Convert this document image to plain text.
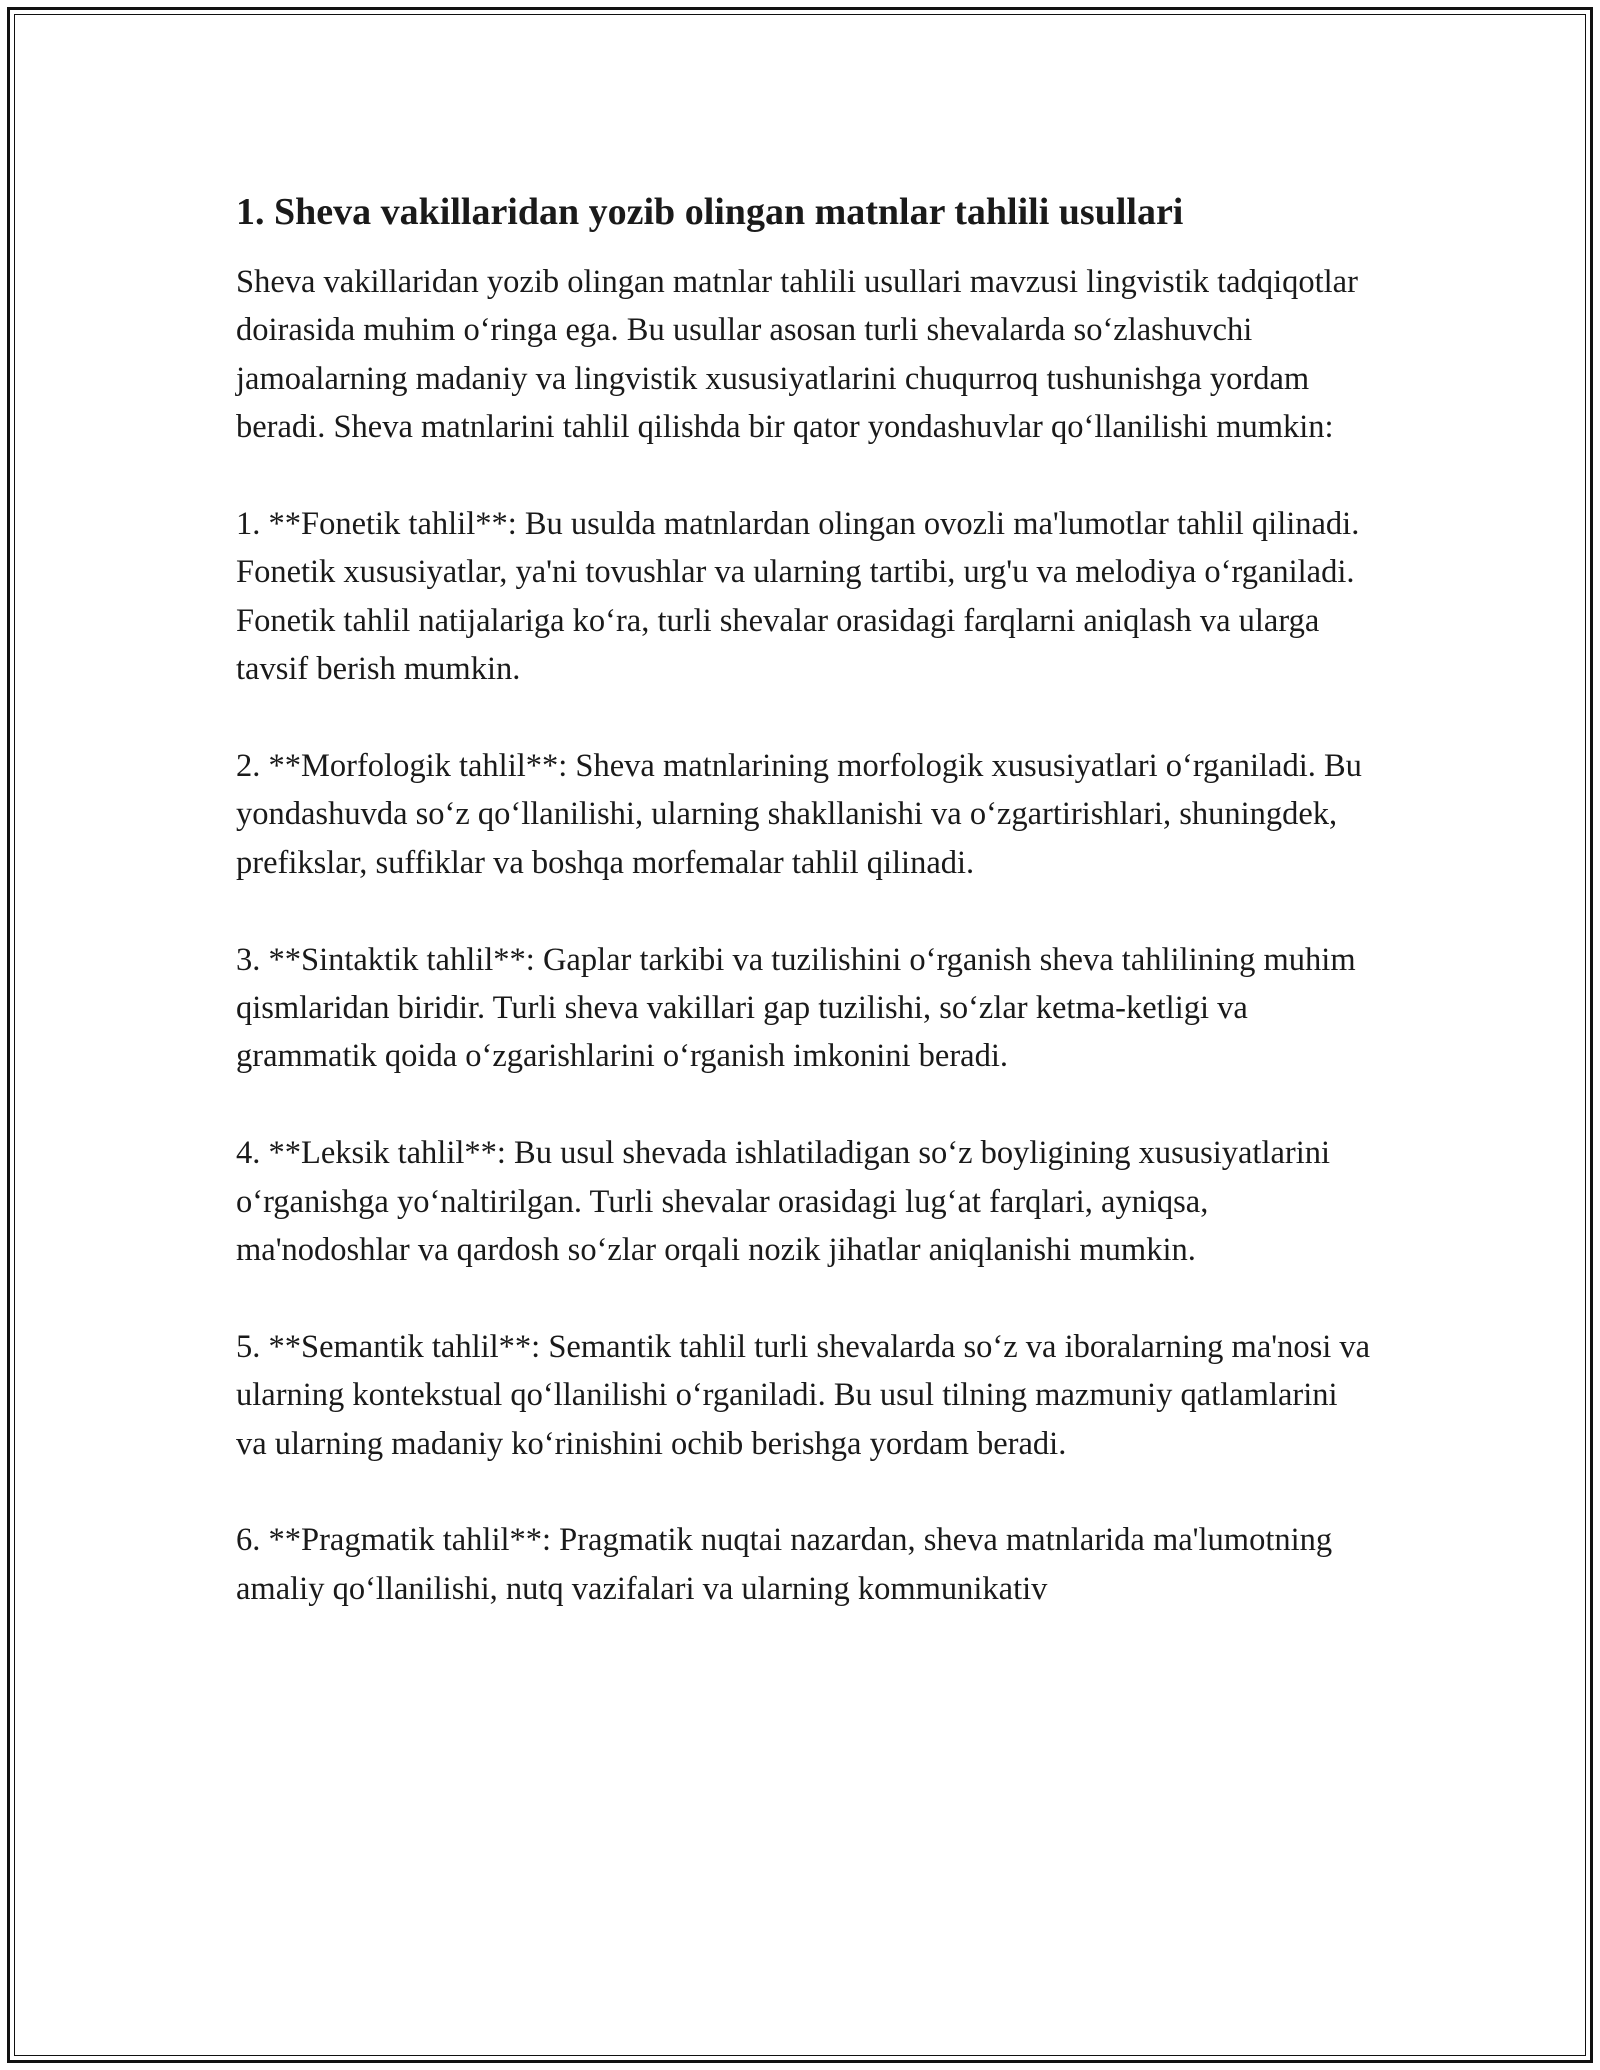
1. Sheva vakillaridan yozib olingan matnlar tahlili usullari

Sheva vakillaridan yozib olingan matnlar tahlili usullari mavzusi lingvistik tadqiqotlar doirasida muhim o‘ringa ega. Bu usullar asosan turli shevalarda so‘zlashuvchi jamoalarning madaniy va lingvistik xususiyatlarini chuqurroq tushunishga yordam beradi. Sheva matnlarini tahlil qilishda bir qator yondashuvlar qo‘llanilishi mumkin:

1. **Fonetik tahlil**: Bu usulda matnlardan olingan ovozli ma'lumotlar tahlil qilinadi. Fonetik xususiyatlar, ya'ni tovushlar va ularning tartibi, urg'u va melodiya o‘rganiladi. Fonetik tahlil natijalariga ko‘ra, turli shevalar orasidagi farqlarni aniqlash va ularga tavsif berish mumkin.

2. **Morfologik tahlil**: Sheva matnlarining morfologik xususiyatlari o‘rganiladi. Bu yondashuvda so‘z qo‘llanilishi, ularning shakllanishi va o‘zgartirishlari, shuningdek, prefikslar, suffiklar va boshqa morfemalar tahlil qilinadi.

3. **Sintaktik tahlil**: Gaplar tarkibi va tuzilishini o‘rganish sheva tahlilining muhim qismlaridan biridir. Turli sheva vakillari gap tuzilishi, so‘zlar ketma-ketligi va grammatik qoida o‘zgarishlarini o‘rganish imkonini beradi.

4. **Leksik tahlil**: Bu usul shevada ishlatiladigan so‘z boyligining xususiyatlarini o‘rganishga yo‘naltirilgan. Turli shevalar orasidagi lug‘at farqlari, ayniqsa, ma'nodoshlar va qardosh so‘zlar orqali nozik jihatlar aniqlanishi mumkin.

5. **Semantik tahlil**: Semantik tahlil turli shevalarda so‘z va iboralarning ma'nosi va ularning kontekstual qo‘llanilishi o‘rganiladi. Bu usul tilning mazmuniy qatlamlarini va ularning madaniy ko‘rinishini ochib berishga yordam beradi.

6. **Pragmatik tahlil**: Pragmatik nuqtai nazardan, sheva matnlarida ma'lumotning amaliy qo‘llanilishi, nutq vazifalari va ularning kommunikativ
